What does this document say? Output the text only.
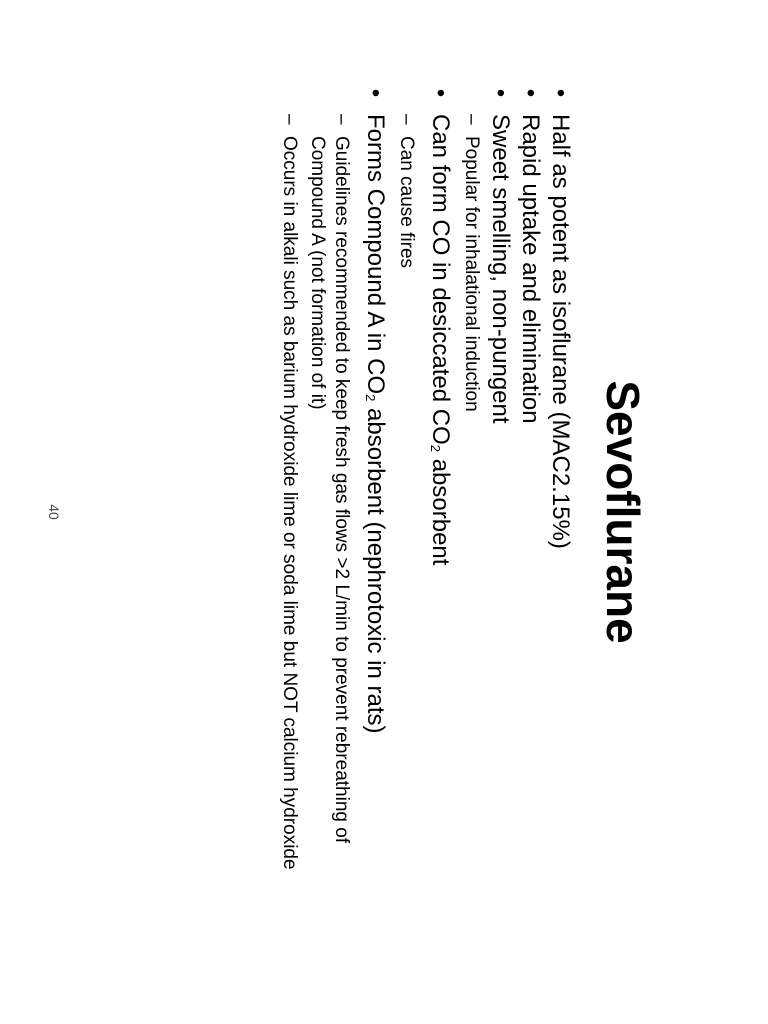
Sevoflurane
•
Half as potent as isoflurane (MAC2.15%)
•
Rapid uptake and elimination
•
Sweet smelling, non-pungent
–
Popular for inhalational induction
•
Can form CO in desiccated CO2 absorbent
–
Can cause fires
•
Forms Compound A in CO2 absorbent (nephrotoxic in rats)
–
Guidelines recommended to keep fresh gas flows >2 L/min to prevent rebreathing of Compound A (not formation of it)
–
Occurs in alkali such as barium hydroxide lime or soda lime but NOT calcium hydroxide
40
